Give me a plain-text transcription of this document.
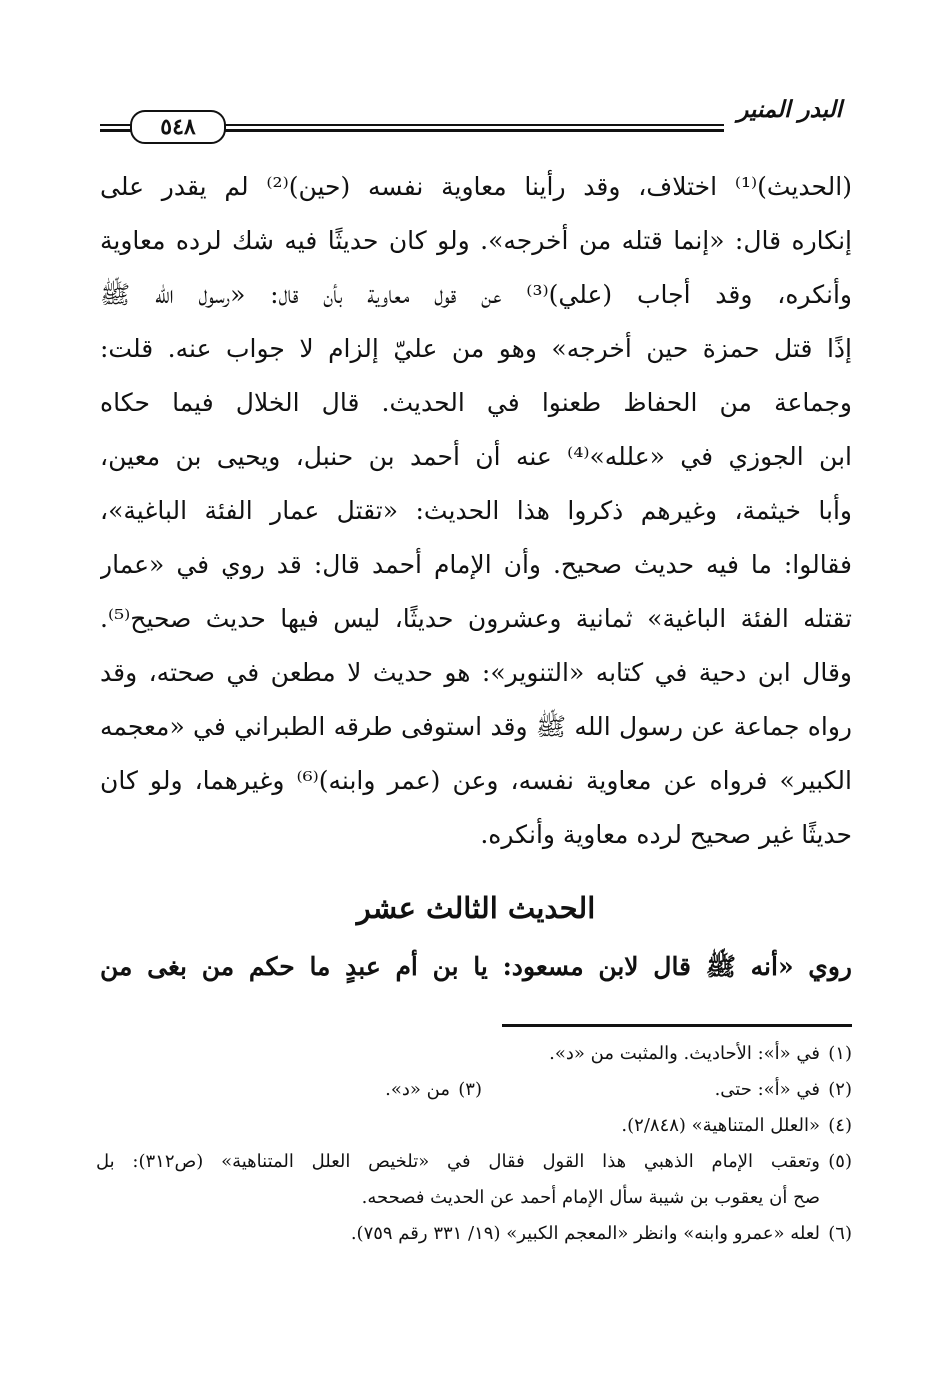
البدر المنير
٥٤٨
(الحديث)⁽¹⁾ اختلاف، وقد رأينا معاوية نفسه (حين)⁽²⁾ لم يقدر على
إنكاره قال: «إنما قتله من أخرجه». ولو كان حديثًا فيه شك لرده معاوية
وأنكره، وقد أجاب (علي)⁽³⁾ عن قول معاوية بأن قال: «رسول الله ﷺ
إذًا قتل حمزة حين أخرجه» وهو من عليّ إلزام لا جواب عنه. قلت:
وجماعة من الحفاظ طعنوا في الحديث. قال الخلال فيما حكاه
ابن الجوزي في «علله»⁽⁴⁾ عنه أن أحمد بن حنبل، ويحيى بن معين،
وأبا خيثمة، وغيرهم ذكروا هذا الحديث: «تقتل عمار الفئة الباغية»،
فقالوا: ما فيه حديث صحيح. وأن الإمام أحمد قال: قد روي في «عمار
تقتله الفئة الباغية» ثمانية وعشرون حديثًا، ليس فيها حديث صحيح⁽⁵⁾.
وقال ابن دحية في كتابه «التنوير»: هو حديث لا مطعن في صحته، وقد
رواه جماعة عن رسول الله ﷺ وقد استوفى طرقه الطبراني في «معجمه
الكبير» فرواه عن معاوية نفسه، وعن (عمر وابنه)⁽⁶⁾ وغيرهما، ولو كان
حديثًا غير صحيح لرده معاوية وأنكره.
الحديث الثالث عشر
روي «أنه ﷺ قال لابن مسعود: يا بن أم عبدٍ ما حكم من بغى من
(١)في «أ»: الأحاديث. والمثبت من «د».
(٢)في «أ»: حتى.
(٣)من «د».
(٤)«العلل المتناهية» (٢/٨٤٨).
(٥)وتعقب الإمام الذهبي هذا القول فقال في «تلخيص العلل المتناهية» (ص٣١٢): بل
صح أن يعقوب بن شيبة سأل الإمام أحمد عن الحديث فصححه.
(٦)لعله «عمرو وابنه» وانظر «المعجم الكبير» (١٩/ ٣٣١ رقم ٧٥٩).
